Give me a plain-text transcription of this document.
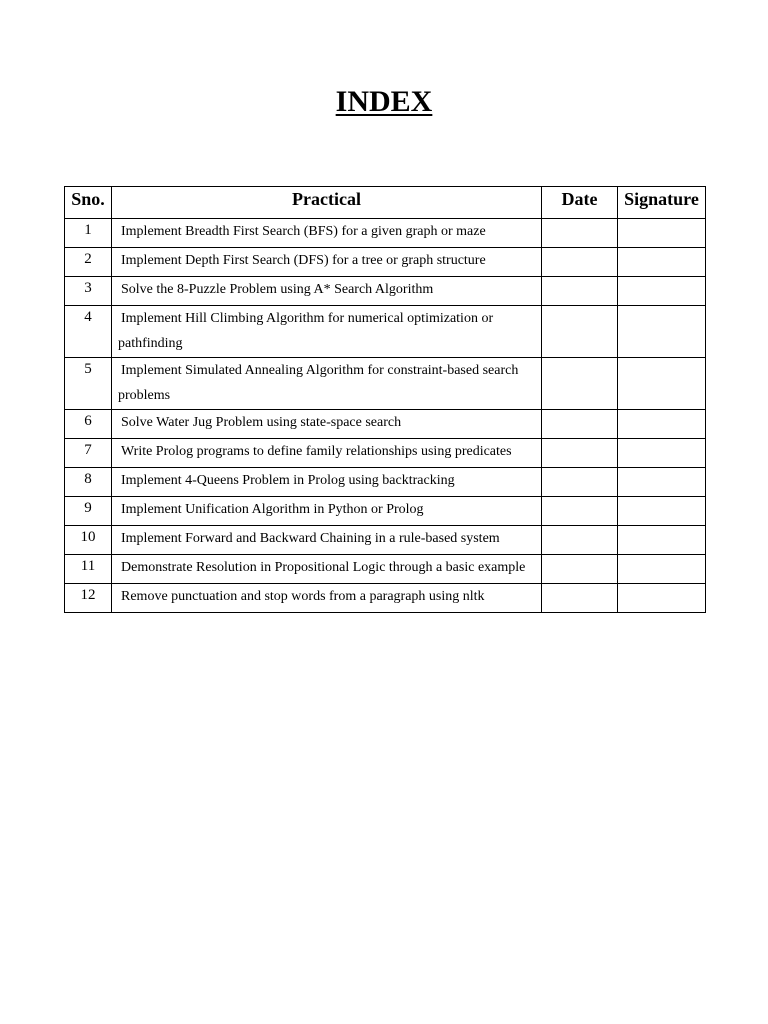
INDEX
Sno.	Practical	Date	Signature
1	Implement Breadth First Search (BFS) for a given graph or maze		

2	Implement Depth First Search (DFS) for a tree or graph structure		

3	Solve the 8-Puzzle Problem using A* Search Algorithm		

4	Implement Hill Climbing Algorithm for numerical optimization or pathfinding		

5	Implement Simulated Annealing Algorithm for constraint-based search problems		

6	Solve Water Jug Problem using state-space search		

7	Write Prolog programs to define family relationships using predicates		

8	Implement 4-Queens Problem in Prolog using backtracking		

9	Implement Unification Algorithm in Python or Prolog		

10	Implement Forward and Backward Chaining in a rule-based system		

11	Demonstrate Resolution in Propositional Logic through a basic example		

12	Remove punctuation and stop words from a paragraph using nltk		
